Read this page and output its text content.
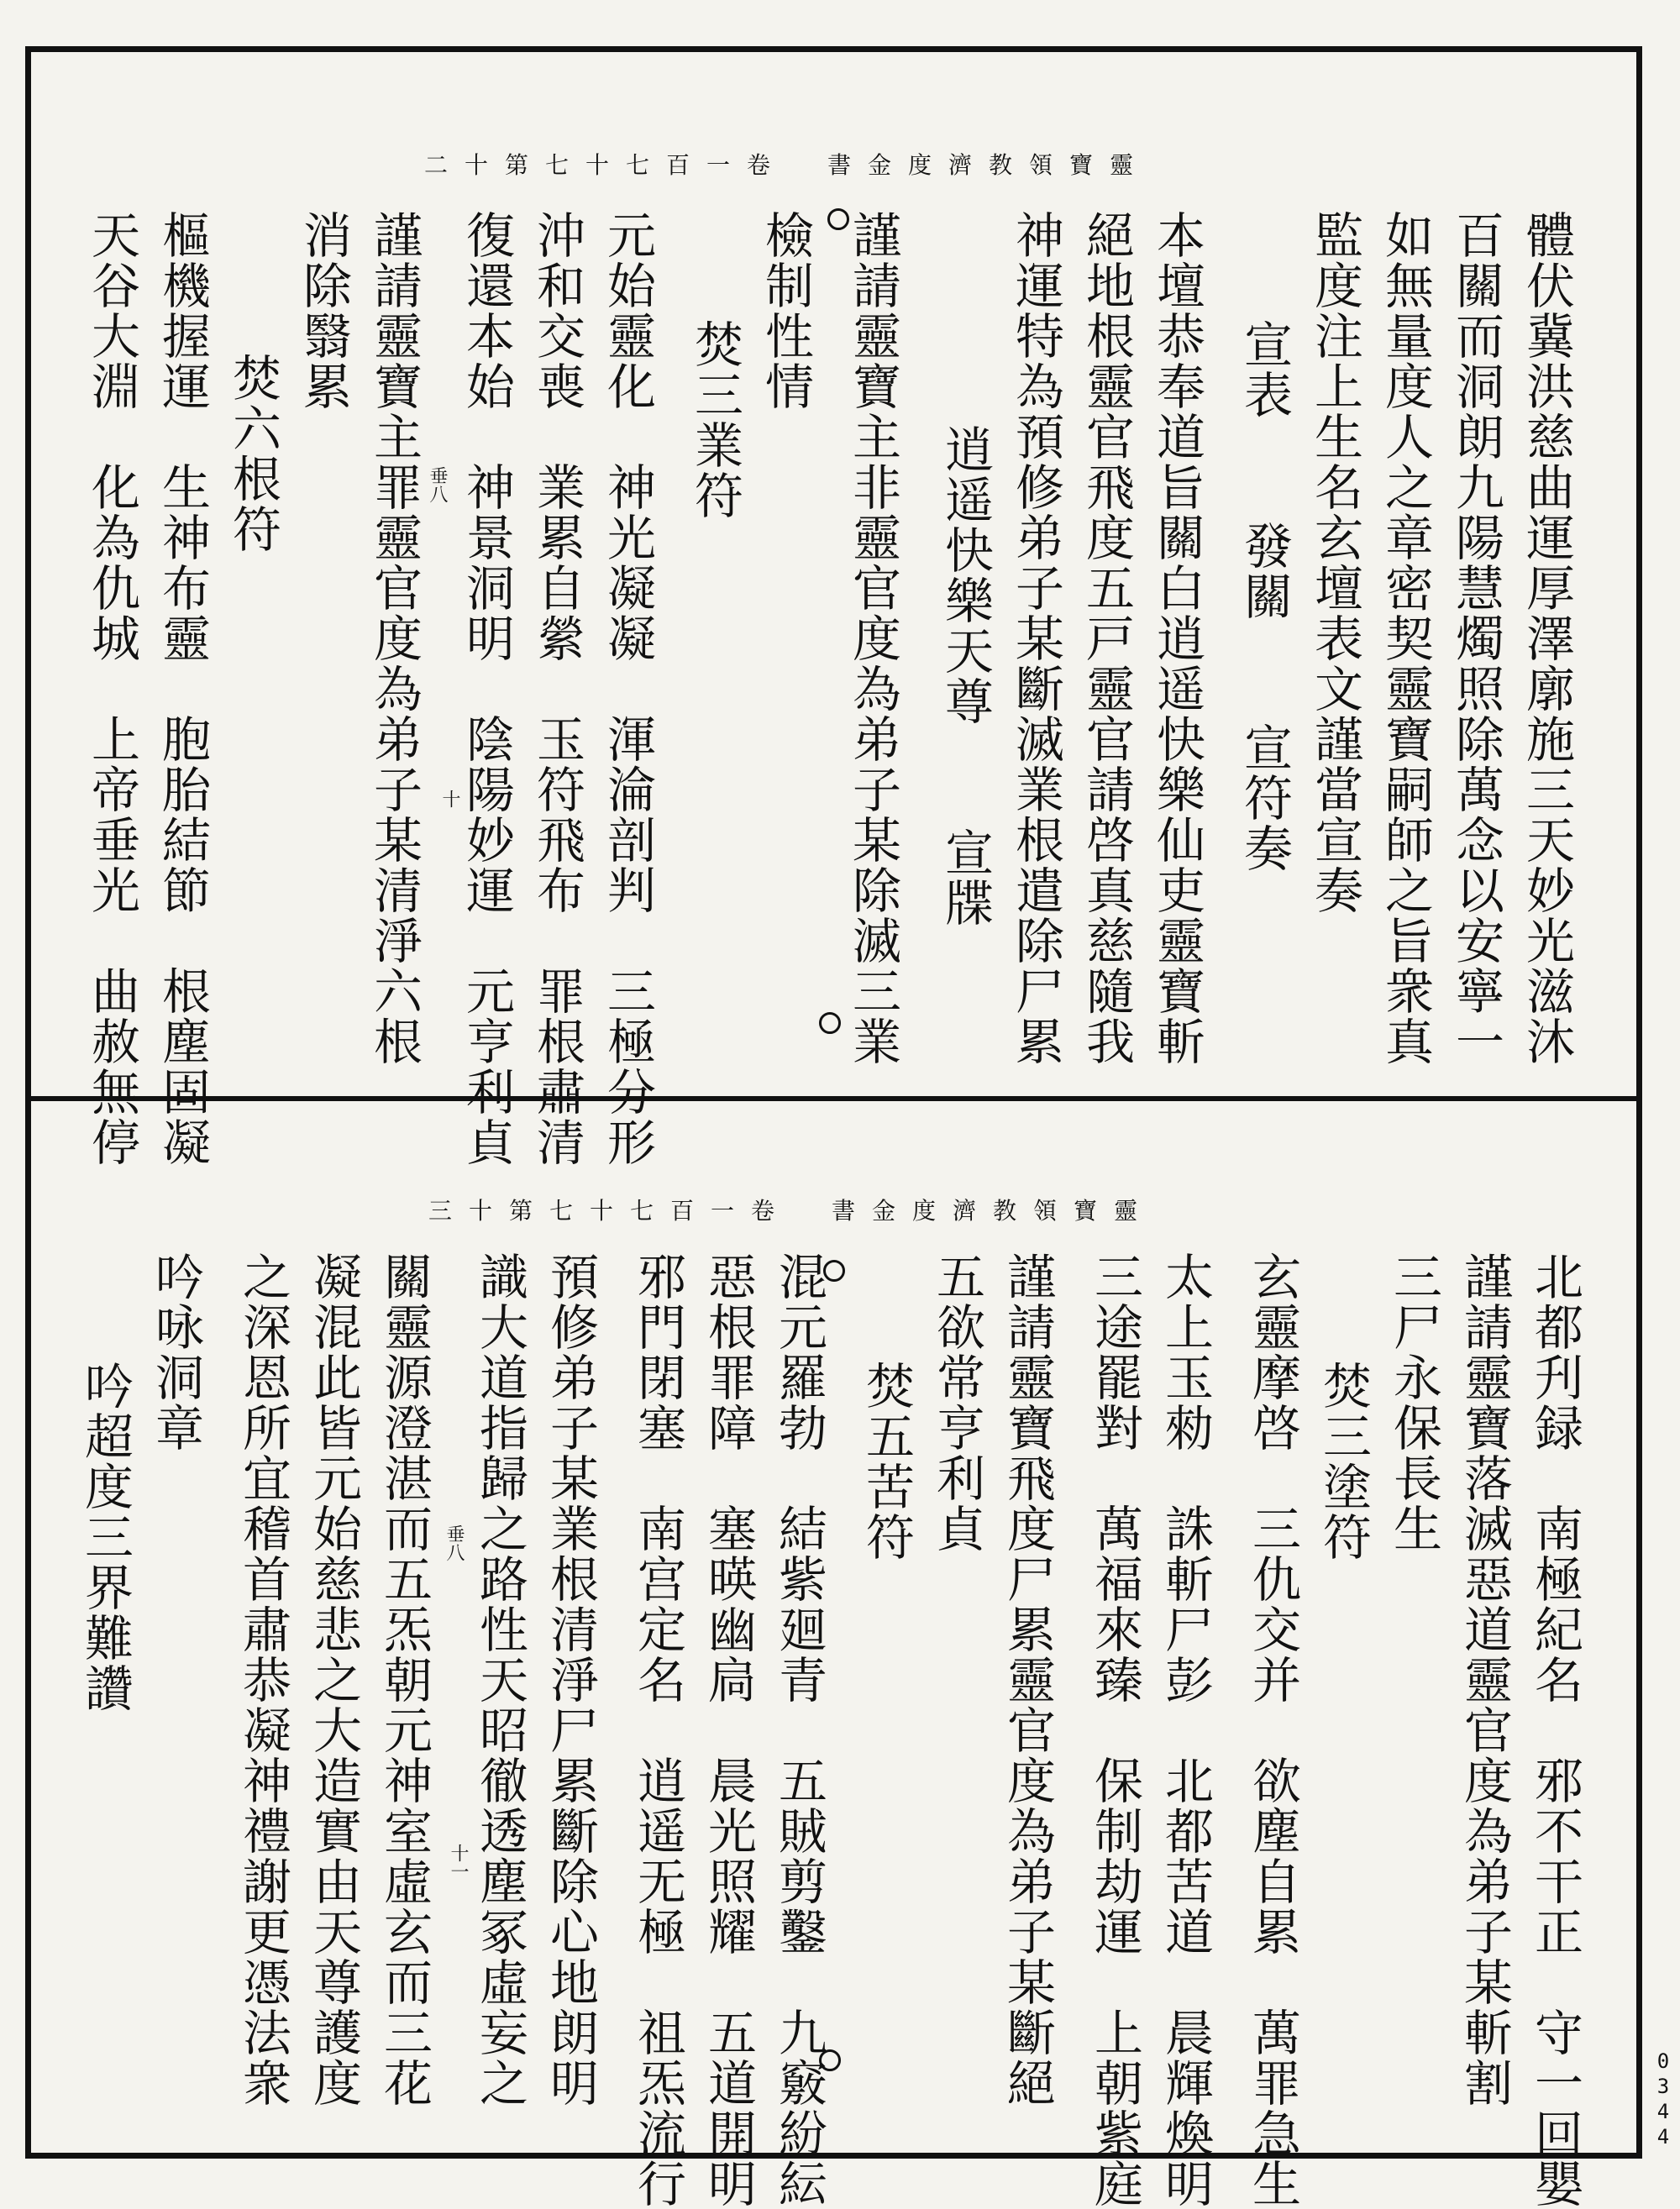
靈寶領教濟度金書　卷一百七十七第十二
體伏冀洪慈曲運厚澤廓施三天妙光滋沐
百關而洞朗九陽慧燭照除萬念以安寧一
如無量度人之章密契靈寶嗣師之旨衆真
監度注上生名玄壇表文謹當宣奏
宣表　　發關　　宣符奏
本壇恭奉道旨關白逍遥快樂仙吏靈寶斬
絕地根靈官飛度五戸靈官請啓真慈隨我
神運特為預修弟子某斷滅業根遣除尸累
逍遥快樂天尊　　宣牒
謹請靈寶主非靈官度為弟子某除滅三業
檢制性情
焚三業符
元始靈化　神光凝凝　渾淪剖判　三極分形
沖和交喪　業累自縈　玉符飛布　罪根肅清
復還本始　神景洞明　陰陽妙運　元亨利貞
謹請靈寶主罪靈官度為弟子某清淨六根
消除翳累
焚六根符
樞機握運　生神布靈　胞胎結節　根塵固凝
天谷大淵　化為仇城　上帝垂光　曲赦無停	垂八
十
靈寶領教濟度金書　卷一百七十七第十三
北都刋録　南極紀名　邪不干正　守一回嬰
謹請靈寶落滅惡道靈官度為弟子某斬割
三尸永保長生
焚三塗符
玄靈摩啓　三仇交并　欲塵自累　萬罪急生
太上玉勑　誅斬尸彭　北都苦道　晨輝煥明
三途罷對　萬福來臻　保制劫運　上朝紫庭
謹請靈寶飛度尸累靈官度為弟子某斷絕
五欲常亨利貞
焚五苦符
混元羅勃　結紫廻青　五賊剪鑿　九竅紛紜
惡根罪障　塞暎幽扃　晨光照耀　五道開明
邪門閉塞　南宫定名　逍遥无極　祖炁流行
預修弟子某業根清淨尸累斷除心地朗明
識大道指歸之路性天昭徹透塵冢虛妄之
關靈源澄湛而五炁朝元神室虛玄而三花
凝混此皆元始慈悲之大造實由天尊護度
之深恩所宜稽首肅恭凝神禮謝更憑法衆
吟咏洞章
吟超度三界難讚	垂八
十一
0344
